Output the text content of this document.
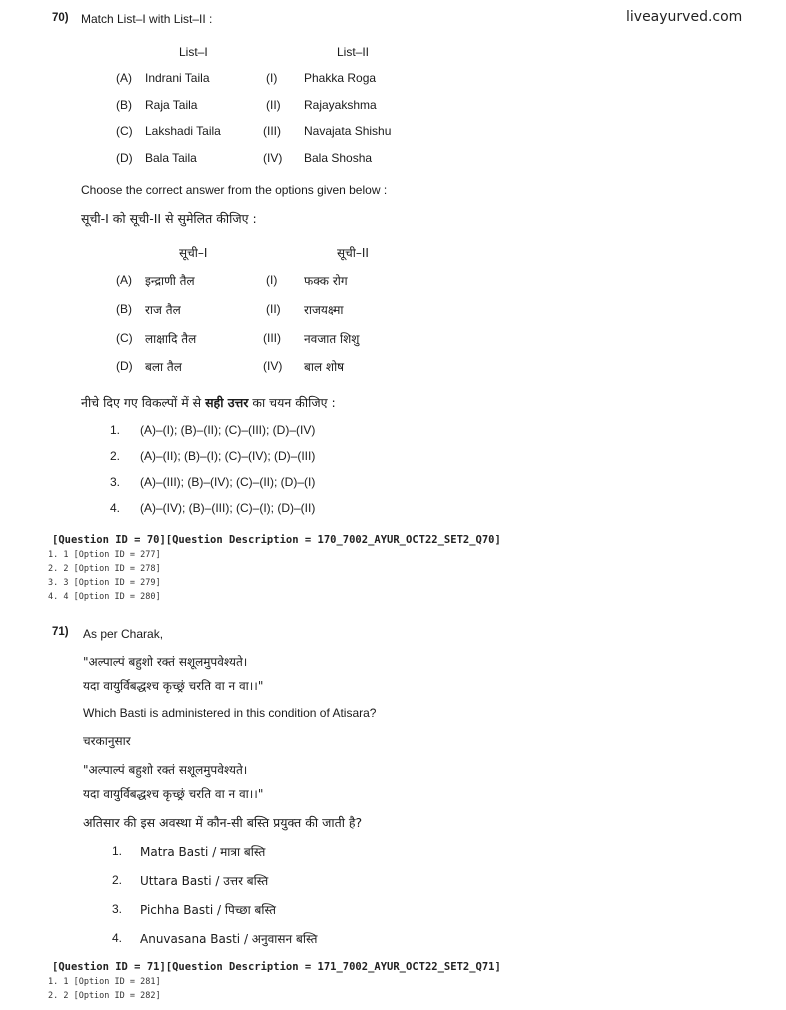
liveayurved.com
70) Match List–I with List–II :
List–I	List–II
(A) Indrani Taila	(I) Phakka Roga
(B) Raja Taila	(II) Rajayakshma
(C) Lakshadi Taila	(III) Navajata Shishu
(D) Bala Taila	(IV) Bala Shosha
Choose the correct answer from the options given below :
सूची-I को सूची-II से सुमेलित कीजिए :
सूची–I	सूची–II
(A) इन्द्राणी तैल	(I) फक्क रोग
(B) राज तैल	(II) राजयक्ष्मा
(C) लाक्षादि तैल	(III) नवजात शिशु
(D) बला तैल	(IV) बाल शोष
नीचे दिए गए विकल्पों में से सही उत्तर का चयन कीजिए :
1. (A)–(I); (B)–(II); (C)–(III); (D)–(IV)
2. (A)–(II); (B)–(I); (C)–(IV); (D)–(III)
3. (A)–(III); (B)–(IV); (C)–(II); (D)–(I)
4. (A)–(IV); (B)–(III); (C)–(I); (D)–(II)
[Question ID = 70][Question Description = 170_7002_AYUR_OCT22_SET2_Q70]
1. 1 [Option ID = 277]
2. 2 [Option ID = 278]
3. 3 [Option ID = 279]
4. 4 [Option ID = 280]
71) As per Charak,
"अल्पाल्पं बहुशो रक्तं सशूलमुपवेश्यते।
यदा वायुर्विबद्धश्च कृच्छ्रं चरति वा न वा।।"
Which Basti is administered in this condition of Atisara?
चरकानुसार
"अल्पाल्पं बहुशो रक्तं सशूलमुपवेश्यते।
यदा वायुर्विबद्धश्च कृच्छ्रं चरति वा न वा।।"
अतिसार की इस अवस्था में कौन-सी बस्ति प्रयुक्त की जाती है?
1. Matra Basti / मात्रा बस्ति
2. Uttara Basti / उत्तर बस्ति
3. Pichha Basti / पिच्छा बस्ति
4. Anuvasana Basti / अनुवासन बस्ति
[Question ID = 71][Question Description = 171_7002_AYUR_OCT22_SET2_Q71]
1. 1 [Option ID = 281]
2. 2 [Option ID = 282]
